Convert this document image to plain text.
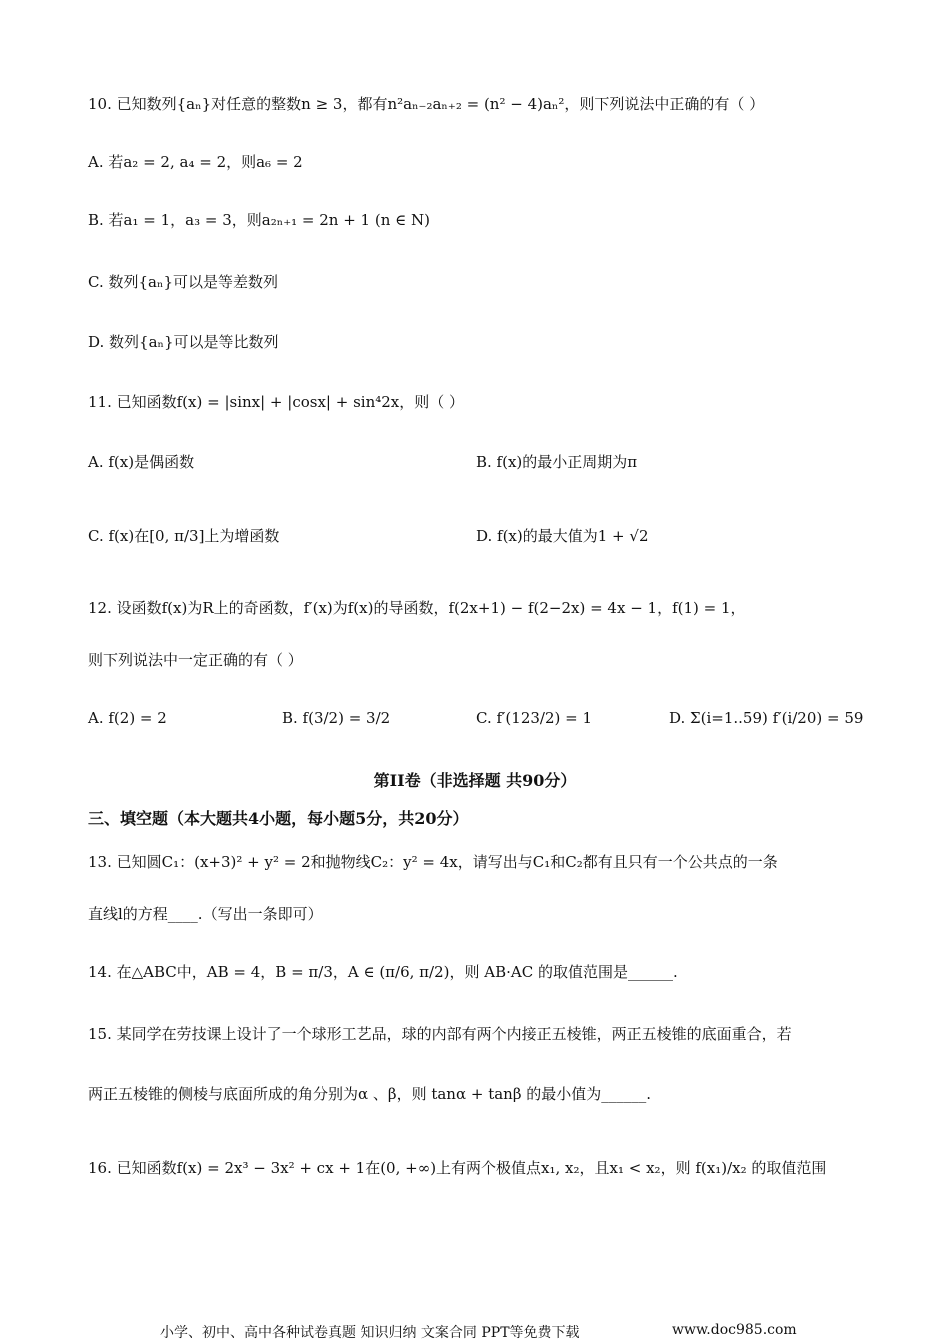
10. 已知数列{aₙ}对任意的整数n ≥ 3，都有n²aₙ₋₂aₙ₊₂ = (n² − 4)aₙ²，则下列说法中正确的有（ ）
A. 若a₂ = 2, a₄ = 2，则a₆ = 2
B. 若a₁ = 1，a₃ = 3，则a₂ₙ₊₁ = 2n + 1 (n ∈ N)
C. 数列{aₙ}可以是等差数列
D. 数列{aₙ}可以是等比数列
11. 已知函数f(x) = |sinx| + |cosx| + sin⁴2x，则（ ）
A. f(x)是偶函数	B. f(x)的最小正周期为π
C. f(x)在[0, π/3]上为增函数	D. f(x)的最大值为1 + √2
12. 设函数f(x)为R上的奇函数，f′(x)为f(x)的导函数，f(2x+1) − f(2−2x) = 4x − 1，f(1) = 1，
则下列说法中一定正确的有（ ）
A. f(2) = 2	B. f(3/2) = 3/2	C. f′(123/2) = 1	D. Σ(i=1..59) f′(i/20) = 59
第II卷（非选择题 共90分）
三、填空题（本大题共4小题，每小题5分，共20分）
13. 已知圆C₁：(x+3)² + y² = 2和抛物线C₂：y² = 4x，请写出与C₁和C₂都有且只有一个公共点的一条
直线l的方程____.（写出一条即可）
14. 在△ABC中，AB = 4，B = π/3，A ∈ (π/6, π/2)，则 AB·AC 的取值范围是______.
15. 某同学在劳技课上设计了一个球形工艺品，球的内部有两个内接正五棱锥，两正五棱锥的底面重合，若
两正五棱锥的侧棱与底面所成的角分别为α 、β，则 tanα + tanβ 的最小值为______.
16. 已知函数f(x) = 2x³ − 3x² + cx + 1在(0, +∞)上有两个极值点x₁, x₂，且x₁ < x₂，则 f(x₁)/x₂ 的取值范围
小学、初中、高中各种试卷真题 知识归纳 文案合同 PPT等免费下载	www.doc985.com
